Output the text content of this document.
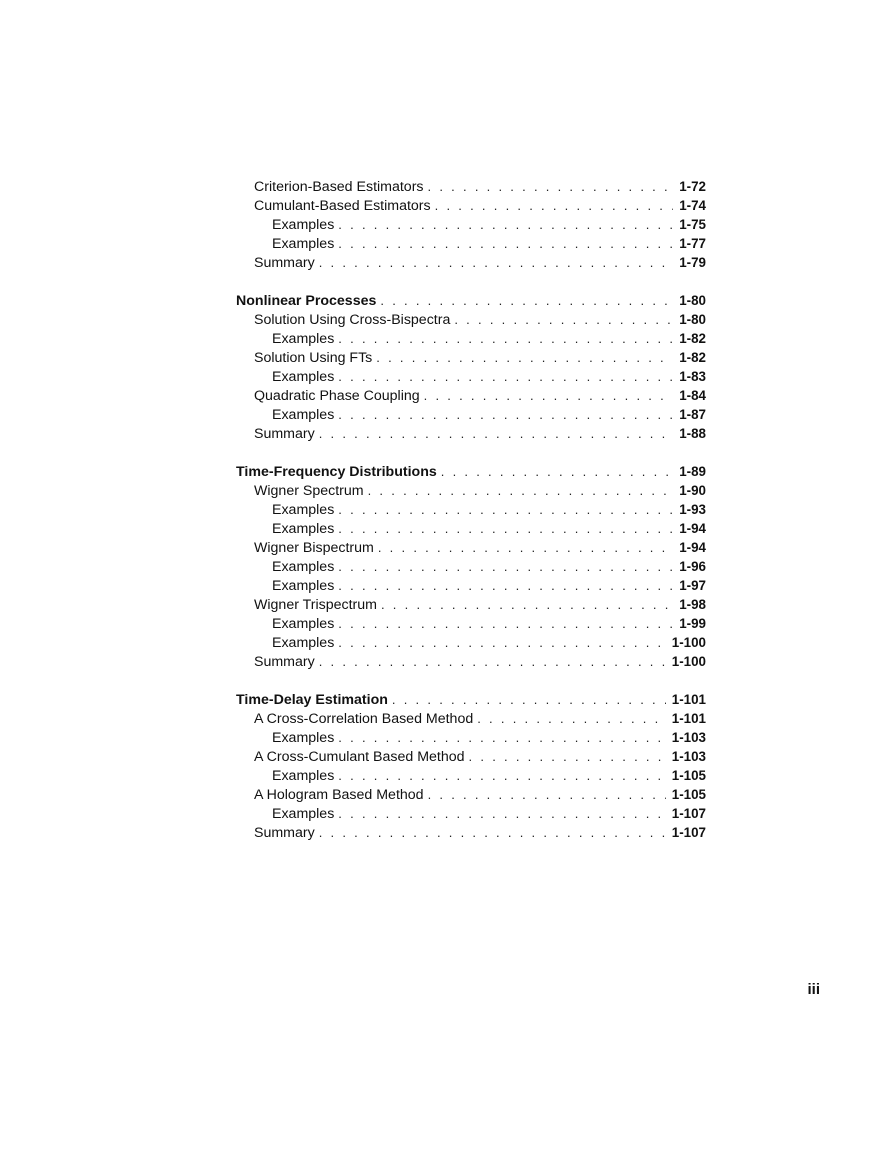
Criterion-Based Estimators . . .	1-72
Cumulant-Based Estimators . . .	1-74
Examples . . .	1-75
Examples . . .	1-77
Summary . . .	1-79
Nonlinear Processes . . .	1-80
Solution Using Cross-Bispectra . . .	1-80
Examples . . .	1-82
Solution Using FTs . . .	1-82
Examples . . .	1-83
Quadratic Phase Coupling . . .	1-84
Examples . . .	1-87
Summary . . .	1-88
Time-Frequency Distributions . . .	1-89
Wigner Spectrum . . .	1-90
Examples . . .	1-93
Examples . . .	1-94
Wigner Bispectrum . . .	1-94
Examples . . .	1-96
Examples . . .	1-97
Wigner Trispectrum . . .	1-98
Examples . . .	1-99
Examples . . .	1-100
Summary . . .	1-100
Time-Delay Estimation . . .	1-101
A Cross-Correlation Based Method . . .	1-101
Examples . . .	1-103
A Cross-Cumulant Based Method . . .	1-103
Examples . . .	1-105
A Hologram Based Method . . .	1-105
Examples . . .	1-107
Summary . . .	1-107
iii
